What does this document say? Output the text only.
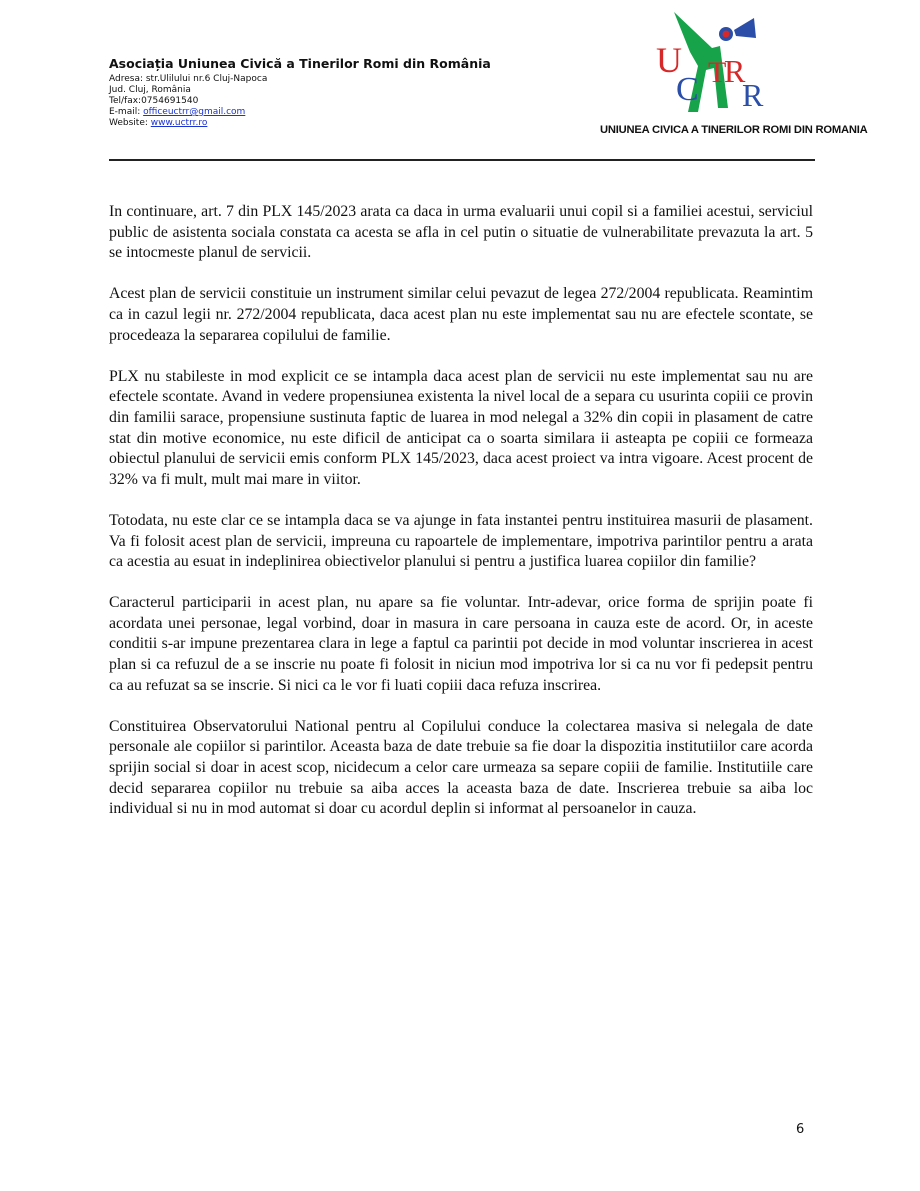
Asociația Uniunea Civică a Tinerilor Romi din România

Adresa: str.Ulilului nr.6 Cluj-Napoca

Jud. Cluj, România

Tel/fax:0754691540

E-mail: officeuctrr@gmail.com

Website: www.uctrr.ro

U
C T
R
R
UNIUNEA CIVICA A TINERILOR ROMI DIN ROMANIA

In continuare, art. 7 din PLX 145/2023 arata ca daca in urma evaluarii unui copil si a familiei acestui, serviciul public de asistenta sociala constata ca acesta se afla in cel putin o situatie de vulnerabilitate prevazuta la art. 5 se intocmeste planul de servicii.

Acest plan de servicii constituie un instrument similar celui pevazut de legea 272/2004 republicata. Reamintim ca in cazul legii nr. 272/2004 republicata, daca acest plan nu este implementat sau nu are efectele scontate, se procedeaza la separarea copilului de familie.

PLX nu stabileste in mod explicit ce se intampla daca acest plan de servicii nu este implementat sau nu are efectele scontate. Avand in vedere propensiunea existenta la nivel local de a separa cu usurinta copiii ce provin din familii sarace, propensiune sustinuta faptic de luarea in mod nelegal a 32% din copii in plasament de catre stat din motive economice, nu este dificil de anticipat ca o soarta similara ii asteapta pe copiii ce formeaza obiectul planului de servicii emis conform PLX 145/2023, daca acest proiect va intra vigoare. Acest procent de 32% va fi mult, mult mai mare in viitor.

Totodata, nu este clar ce se intampla daca se va ajunge in fata instantei pentru instituirea masurii de plasament. Va fi folosit acest plan de servicii, impreuna cu rapoartele de implementare, impotriva parintilor pentru a arata ca acestia au esuat in indeplinirea obiectivelor planului si pentru a justifica luarea copiilor din familie?

Caracterul participarii in acest plan, nu apare sa fie voluntar. Intr-adevar, orice forma de sprijin poate fi acordata unei personae, legal vorbind, doar in masura in care persoana in cauza este de acord. Or, in aceste conditii s-ar impune prezentarea clara in lege a faptul ca parintii pot decide in mod voluntar inscrierea in acest plan si ca refuzul de a se inscrie nu poate fi folosit in niciun mod impotriva lor si ca nu vor fi pedepsit pentru ca au refuzat sa se inscrie. Si nici ca le vor fi luati copiii daca refuza inscrirea.

Constituirea Observatorului National pentru al Copilului conduce la colectarea masiva si nelegala de date personale ale copiilor si parintilor. Aceasta baza de date trebuie sa fie doar la dispozitia institutiilor care acorda sprijin social si doar in acest scop, nicidecum a celor care urmeaza sa separe copiii de familie. Institutiile care decid separarea copiilor nu trebuie sa aiba acces la aceasta baza de date. Inscrierea trebuie sa aiba loc individual si nu in mod automat si doar cu acordul deplin si informat al persoanelor in cauza.

6
